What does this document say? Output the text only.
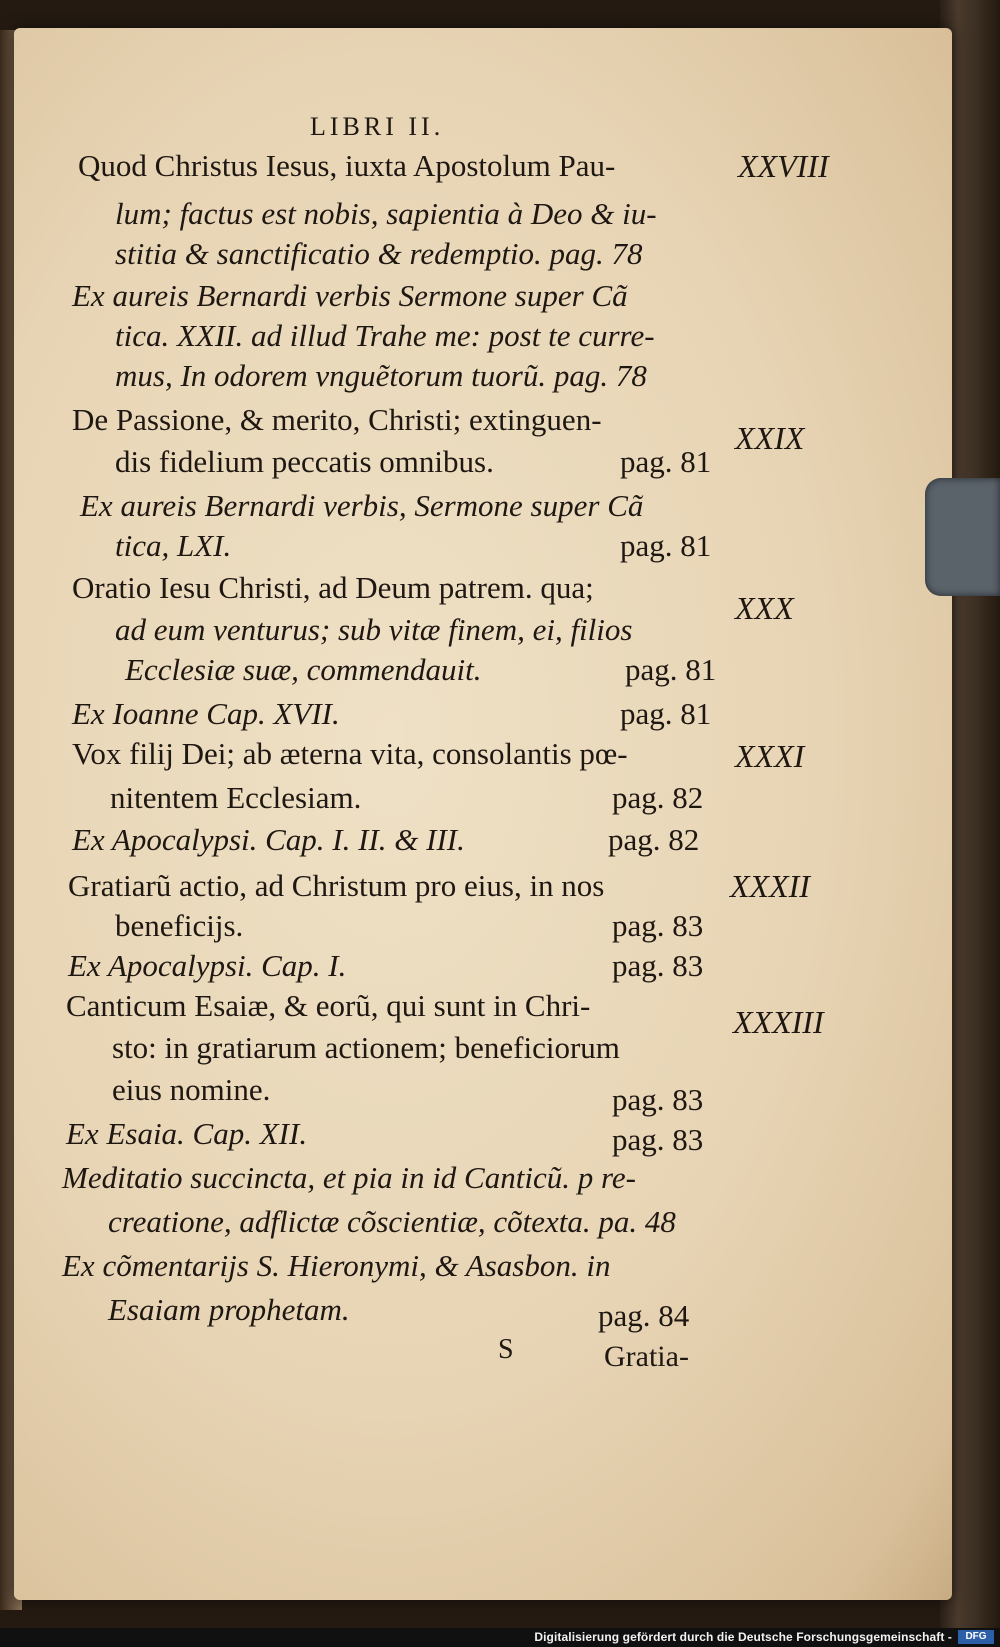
LIBRI II.
XXVIII
Quod Christus Iesus, iuxta Apostolum Pau-
lum; factus est nobis, sapientia à Deo & iu-
stitia & sanctificatio & redemptio. pag. 78
Ex aureis Bernardi verbis Sermone super Cã
tica. XXII. ad illud Trahe me: post te curre-
mus, In odorem vnguẽtorum tuorũ. pag. 78
XXIX
De Passione, & merito, Christi; extinguen-
dis fidelium peccatis omnibus.	pag. 81
Ex aureis Bernardi verbis, Sermone super Cã
tica, LXI.	pag. 81
XXX
Oratio Iesu Christi, ad Deum patrem. qua;
ad eum venturus; sub vitæ finem, ei, filios
Ecclesiæ suæ, commendauit.	pag. 81
Ex Ioanne Cap. XVII.	pag. 81
XXXI
Vox filij Dei; ab æterna vita, consolantis pœ-
nitentem Ecclesiam.	pag. 82
Ex Apocalypsi. Cap. I. II. & III.	pag. 82
XXXII
Gratiarũ actio, ad Christum pro eius, in nos
beneficijs.	pag. 83
Ex Apocalypsi. Cap. I.	pag. 83
XXXIII
Canticum Esaiæ, & eorũ, qui sunt in Chri-
sto: in gratiarum actionem; beneficiorum
eius nomine.	pag. 83
Ex Esaia. Cap. XII.	pag. 83
Meditatio succincta, et pia in id Canticũ. p re-
creatione, adflictæ cõscientiæ, cõtexta. pa. 48
Ex cõmentarijs S. Hieronymi, & Asasbon. in
Esaiam prophetam.	pag. 84
S	Gratia-
Digitalisierung gefördert durch die Deutsche Forschungsgemeinschaft -	DFG
